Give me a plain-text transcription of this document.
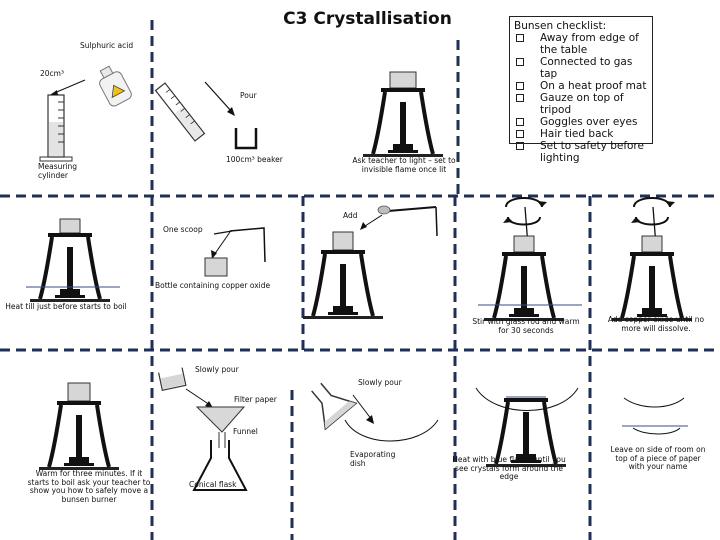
C3 Crystallisation	Bunsen checklist:
Away from edge of the table
Connected to gas tap
On a heat proof mat
Gauze on top of tripod
Goggles over eyes
Hair tied back
Set to safety before lighting
Sulphuric acid
20cm³
Pour
100cm³ beaker
Measuring cylinder
Ask teacher to light – set to invisible flame once lit
Add
One scoop
Bottle containing copper oxide
Heat till just before starts to boil
Stir with glass rod and warm for 30 seconds
Add copper oxide until no more will dissolve.
Slowly pour
Slowly pour
Filter paper
Funnel
Evaporating dish
Conical flask
Warm for three minutes. If it starts to boil ask your teacher to show you how to safely move a bunsen burner
Heat with blue flame until you see crystals form around the edge
Leave on side of room on top of a piece of paper with your name
